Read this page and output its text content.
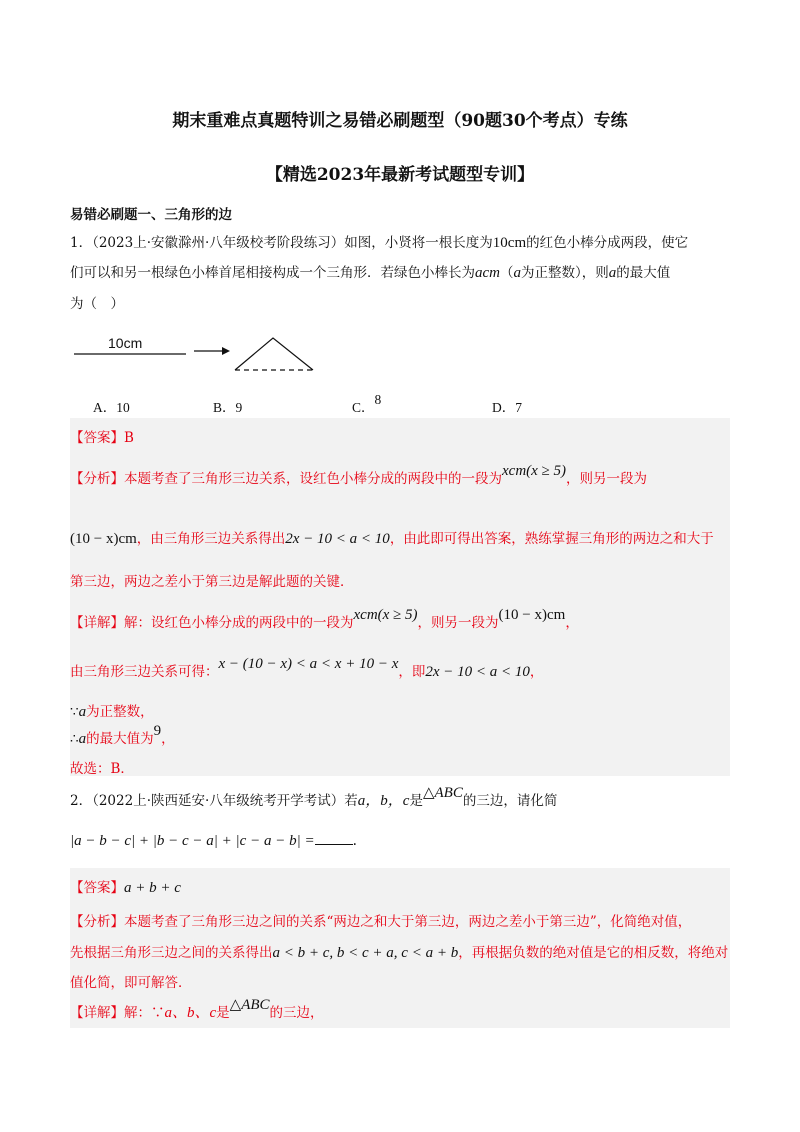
期末重难点真题特训之易错必刷题型（90题30个考点）专练
【精选2023年最新考试题型专训】
易错必刷题一、三角形的边
1．（2023上·安徽滁州·八年级校考阶段练习）如图，小贤将一根长度为10cm的红色小棒分成两段，使它
们可以和另一根绿色小棒首尾相接构成一个三角形．若绿色小棒长为acm（a为正整数），则a的最大值
为（　）
10cm
A．10	B．9	C．8
D．7
【答案】B
【分析】本题考查了三角形三边关系，设红色小棒分成的两段中的一段为xcm(x ≥ 5)，则另一段为
(10 − x)cm，由三角形三边关系得出2x − 10 < a < 10，由此即可得出答案，熟练掌握三角形的两边之和大于
第三边，两边之差小于第三边是解此题的关键．
【详解】解：设红色小棒分成的两段中的一段为xcm(x ≥ 5)，则另一段为(10 − x)cm，
由三角形三边关系可得：x − (10 − x) < a < x + 10 − x，即2x − 10 < a < 10，
∵a为正整数，
∴a的最大值为9，
故选：B．
2．（2022上·陕西延安·八年级统考开学考试）若a，b，c是△ABC的三边，请化简
|a − b − c| + |b − c − a| + |c − a − b| =	.
【答案】a + b + c
【分析】本题考查了三角形三边之间的关系“两边之和大于第三边，两边之差小于第三边”，化简绝对值，
先根据三角形三边之间的关系得出a < b + c, b < c + a, c < a + b，再根据负数的绝对值是它的相反数，将绝对
值化简，即可解答．
【详解】解：∵a、b、c是△ABC的三边，
